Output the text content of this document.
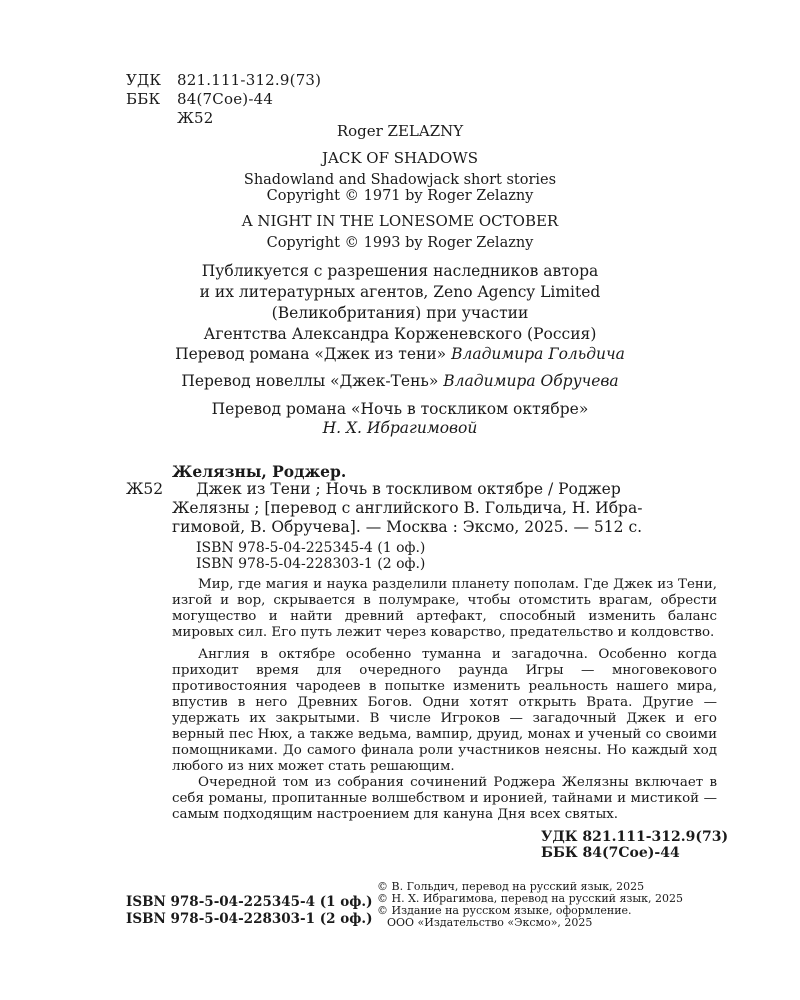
УДК 821.111-312.9(73)
ББК 84(7Сое)-44
Ж52
Roger ZELAZNY
JACK OF SHADOWS
Shadowland and Shadowjack short stories
Copyright © 1971 by Roger Zelazny
A NIGHT IN THE LONESOME OCTOBER
Copyright © 1993 by Roger Zelazny
Публикуется с разрешения наследников автора
и их литературных агентов, Zeno Agency Limited
(Великобритания) при участии
Агентства Александра Корженевского (Россия)
Перевод романа «Джек из тени» Владимира Гольдича
Перевод новеллы «Джек-Тень» Владимира Обручева
Перевод романа «Ночь в тоскликом октябре»
Н. Х. Ибрагимовой
Желязны, Роджер.
Ж52 Джек из Тени ; Ночь в тоскливом октябре / Роджер
Желязны ; [перевод с английского В. Гольдича, Н. Ибра-
гимовой, В. Обручева]. — Москва : Эксмо, 2025. — 512 с.
ISBN 978-5-04-225345-4 (1 оф.)
ISBN 978-5-04-228303-1 (2 оф.)

Мир, где магия и наука разделили планету пополам. Где Джек из Тени, изгой и вор, скрывается в полумраке, чтобы отомстить врагам, обрести могущество и найти древний артефакт, способный изменить баланс мировых сил. Его путь лежит через коварство, предательство и колдовство.

Англия в октябре особенно туманна и загадочна. Особенно когда приходит время для очередного раунда Игры — многовекового противостояния чародеев в попытке изменить реальность нашего мира, впустив в него Древних Богов. Одни хотят открыть Врата. Другие — удержать их закрытыми. В числе Игроков — загадочный Джек и его верный пес Нюх, а также ведьма, вампир, друид, монах и ученый со своими помощниками. До самого финала роли участников неясны. Но каждый ход любого из них может стать решающим.

Очередной том из собрания сочинений Роджера Желязны включает в себя романы, пропитанные волшебством и иронией, тайнами и мистикой — самым подходящим настроением для кануна Дня всех святых.

УДК 821.111-312.9(73)
ББК 84(7Сое)-44
ISBN 978-5-04-225345-4 (1 оф.)
ISBN 978-5-04-228303-1 (2 оф.)
© В. Гольдич, перевод на русский язык, 2025
© Н. Х. Ибрагимова, перевод на русский язык, 2025
© Издание на русском языке, оформление.
ООО «Издательство «Эксмо», 2025
